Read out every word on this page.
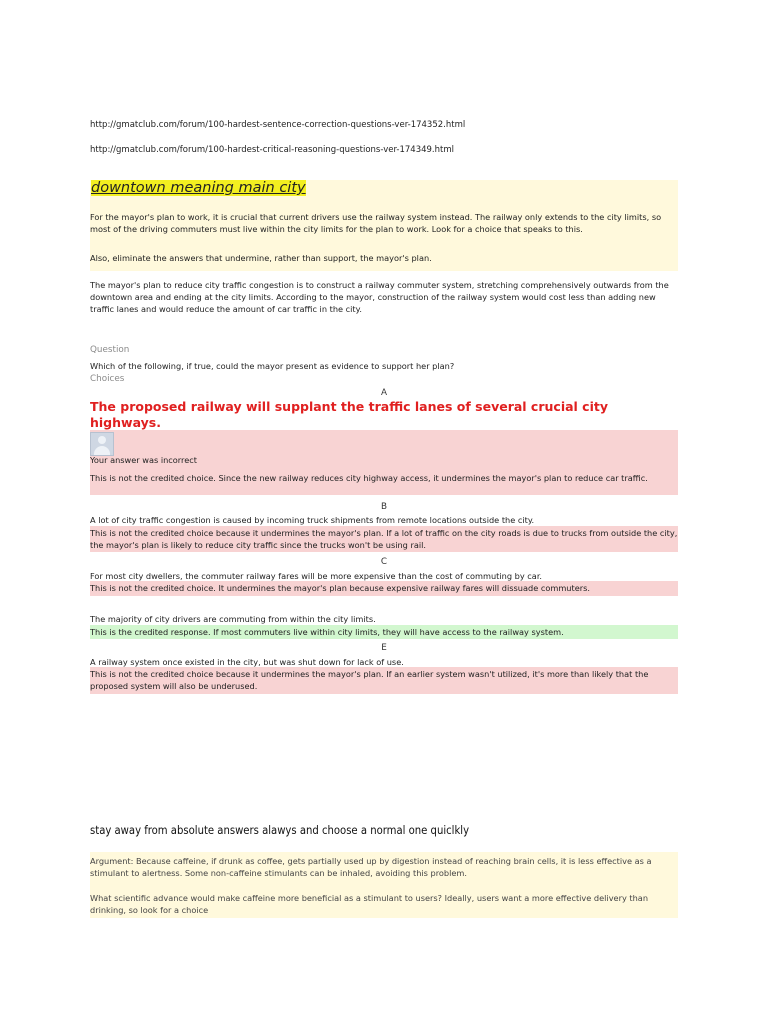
http://gmatclub.com/forum/100-hardest-sentence-correction-questions-ver-174352.html
http://gmatclub.com/forum/100-hardest-critical-reasoning-questions-ver-174349.html
downtown meaning main city
For the mayor's plan to work, it is crucial that current drivers use the railway system instead. The railway only extends to the city limits, so most of the driving commuters must live within the city limits for the plan to work. Look for a choice that speaks to this.
Also, eliminate the answers that undermine, rather than support, the mayor's plan.
The mayor's plan to reduce city traffic congestion is to construct a railway commuter system, stretching comprehensively outwards from the downtown area and ending at the city limits. According to the mayor, construction of the railway system would cost less than adding new traffic lanes and would reduce the amount of car traffic in the city.
Question
Which of the following, if true, could the mayor present as evidence to support her plan?
Choices
A
The proposed railway will supplant the traffic lanes of several crucial city highways.
Your answer was incorrect
This is not the credited choice. Since the new railway reduces city highway access, it undermines the mayor's plan to reduce car traffic.
B
A lot of city traffic congestion is caused by incoming truck shipments from remote locations outside the city.
This is not the credited choice because it undermines the mayor's plan. If a lot of traffic on the city roads is due to trucks from outside the city, the mayor's plan is likely to reduce city traffic since the trucks won't be using rail.
C
For most city dwellers, the commuter railway fares will be more expensive than the cost of commuting by car.
This is not the credited choice. It undermines the mayor's plan because expensive railway fares will dissuade commuters.
The majority of city drivers are commuting from within the city limits.
This is the credited response. If most commuters live within city limits, they will have access to the railway system.
E
A railway system once existed in the city, but was shut down for lack of use.
This is not the credited choice because it undermines the mayor's plan. If an earlier system wasn't utilized, it's more than likely that the proposed system will also be underused.
stay away from absolute answers alawys and choose a normal one quiclkly
Argument: Because caffeine, if drunk as coffee, gets partially used up by digestion instead of reaching brain cells, it is less effective as a stimulant to alertness. Some non-caffeine stimulants can be inhaled, avoiding this problem.
What scientific advance would make caffeine more beneficial as a stimulant to users? Ideally, users want a more effective delivery than drinking, so look for a choice
